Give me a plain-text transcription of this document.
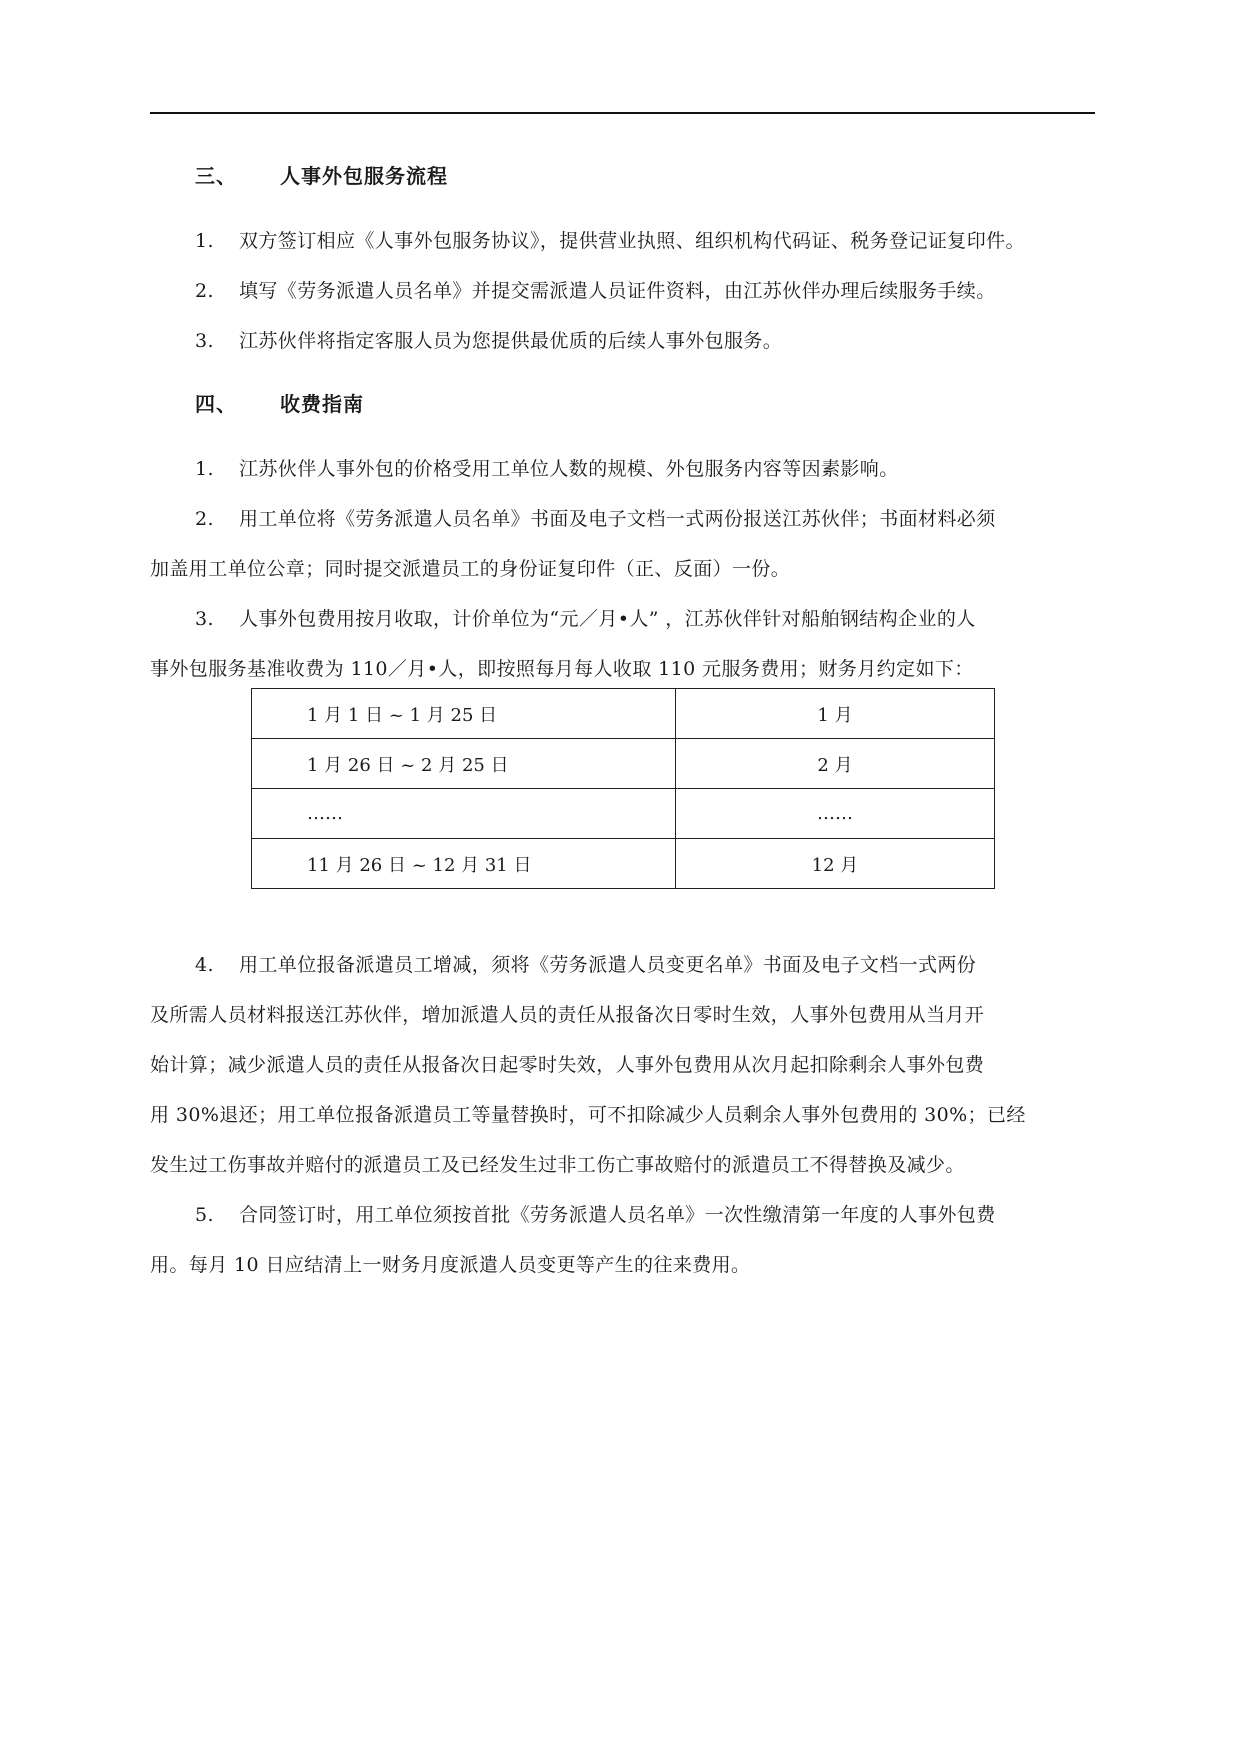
三、 人事外包服务流程
1. 双方签订相应《人事外包服务协议》，提供营业执照、组织机构代码证、税务登记证复印件。
2. 填写《劳务派遣人员名单》并提交需派遣人员证件资料，由江苏伙伴办理后续服务手续。
3. 江苏伙伴将指定客服人员为您提供最优质的后续人事外包服务。
四、 收费指南
1. 江苏伙伴人事外包的价格受用工单位人数的规模、外包服务内容等因素影响。
2. 用工单位将《劳务派遣人员名单》书面及电子文档一式两份报送江苏伙伴；书面材料必须
加盖用工单位公章；同时提交派遣员工的身份证复印件（正、反面）一份。
3. 人事外包费用按月收取，计价单位为“元／月•人” ，江苏伙伴针对船舶钢结构企业的人
事外包服务基准收费为 110／月•人，即按照每月每人收取 110 元服务费用；财务月约定如下：
1 月 1 日 ~ 1 月 25 日	1 月
1 月 26 日 ~ 2 月 25 日	2 月
……	……
11 月 26 日 ~ 12 月 31 日	12 月
4. 用工单位报备派遣员工增减，须将《劳务派遣人员变更名单》书面及电子文档一式两份
及所需人员材料报送江苏伙伴，增加派遣人员的责任从报备次日零时生效，人事外包费用从当月开
始计算；减少派遣人员的责任从报备次日起零时失效，人事外包费用从次月起扣除剩余人事外包费
用 30%退还；用工单位报备派遣员工等量替换时，可不扣除减少人员剩余人事外包费用的 30%；已经
发生过工伤事故并赔付的派遣员工及已经发生过非工伤亡事故赔付的派遣员工不得替换及减少。
5. 合同签订时，用工单位须按首批《劳务派遣人员名单》一次性缴清第一年度的人事外包费
用。每月 10 日应结清上一财务月度派遣人员变更等产生的往来费用。
